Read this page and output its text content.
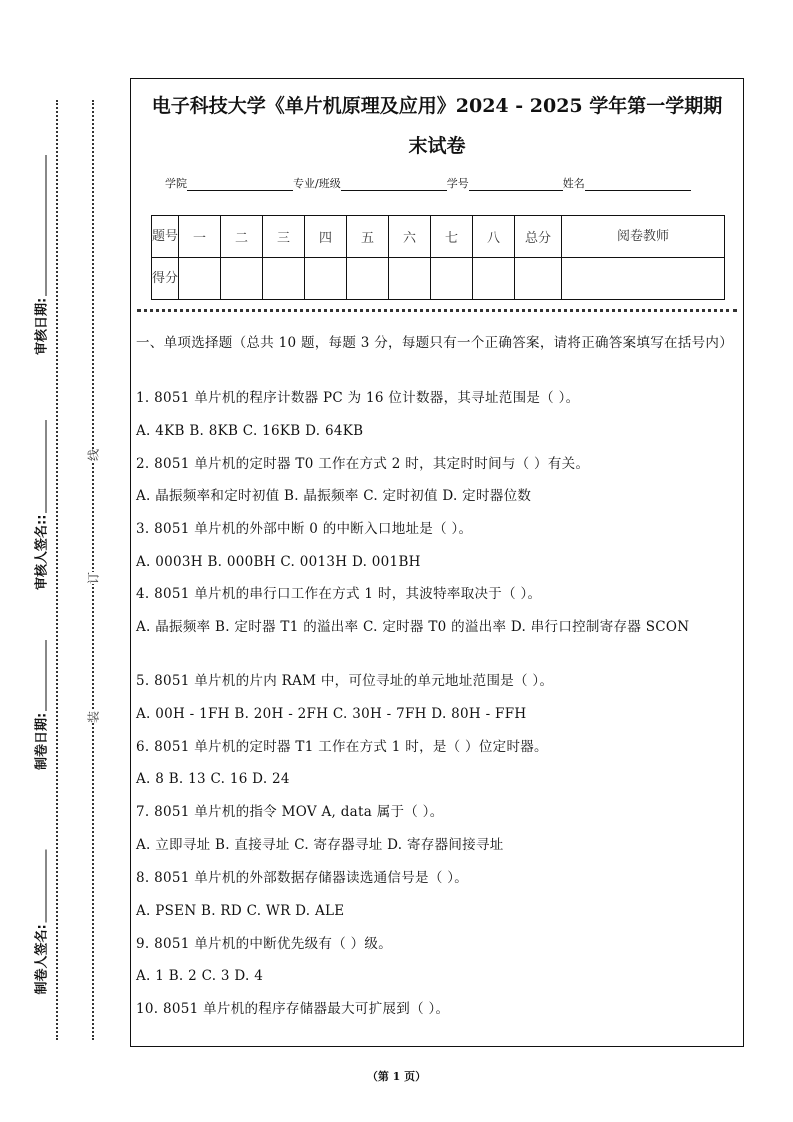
审核日期:
审核人签名::
制卷日期:
制卷人签名:
线
订
装
电子科技大学《单片机原理及应用》2024 - 2025 学年第一学期期
末试卷
学院	专业/班级	学号	姓名
题号	一	二	三	四	五	六	七	八	总分	阅卷教师
得分										
一、单项选择题（总共 10 题，每题 3 分，每题只有一个正确答案，请将正确答案填写在括号内）
1. 8051 单片机的程序计数器 PC 为 16 位计数器，其寻址范围是（ ）。
A. 4KB B. 8KB C. 16KB D. 64KB
2. 8051 单片机的定时器 T0 工作在方式 2 时，其定时时间与（ ）有关。
A. 晶振频率和定时初值 B. 晶振频率 C. 定时初值 D. 定时器位数
3. 8051 单片机的外部中断 0 的中断入口地址是（ ）。
A. 0003H B. 000BH C. 0013H D. 001BH
4. 8051 单片机的串行口工作在方式 1 时，其波特率取决于（ ）。
A. 晶振频率 B. 定时器 T1 的溢出率 C. 定时器 T0 的溢出率 D. 串行口控制寄存器 SCON
5. 8051 单片机的片内 RAM 中，可位寻址的单元地址范围是（ ）。
A. 00H - 1FH B. 20H - 2FH C. 30H - 7FH D. 80H - FFH
6. 8051 单片机的定时器 T1 工作在方式 1 时，是（ ）位定时器。
A. 8 B. 13 C. 16 D. 24
7. 8051 单片机的指令 MOV A, data 属于（ ）。
A. 立即寻址 B. 直接寻址 C. 寄存器寻址 D. 寄存器间接寻址
8. 8051 单片机的外部数据存储器读选通信号是（ ）。
A. PSEN B. RD C. WR D. ALE
9. 8051 单片机的中断优先级有（ ）级。
A. 1 B. 2 C. 3 D. 4
10. 8051 单片机的程序存储器最大可扩展到（ ）。
（第 1 页）
